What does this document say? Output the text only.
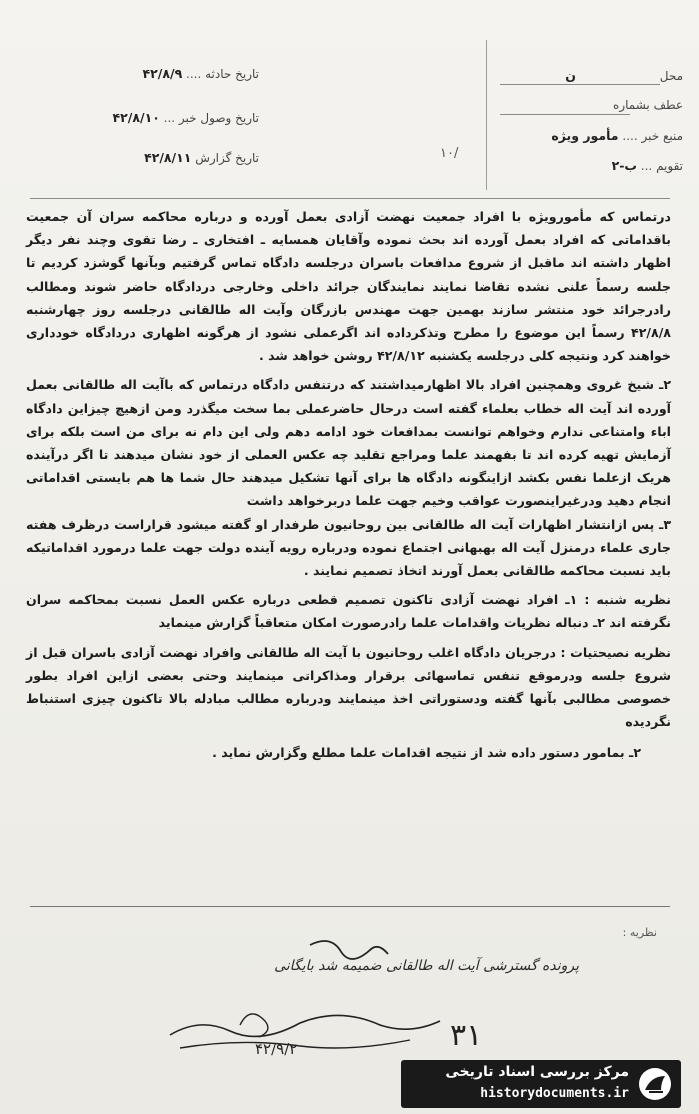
تاریخ حادثه .... ۴۲/۸/۹
تاریخ وصول خبر ... ۴۲/۸/۱۰
تاریخ گزارش ۴۲/۸/۱۱	۱۰/
محل ن
عطف بشماره
منبع خبر .... مأمور ویژه
تقویم ... ب-۲

درتماس که مأمورویژه با افراد جمعیت نهضت آزادی بعمل آورده و درباره محاکمه سران آن جمعیت باقداماتی که افراد بعمل آورده اند بحث نموده وآقایان همسایه ـ افتخاری ـ رضا تقوی وچند نفر دیگر اظهار داشته اند ماقبل از شروع مدافعات باسران درجلسه دادگاه تماس گرفتیم وبآنها گوشزد کردیم تا جلسه رسماً علنی نشده تقاضا نمایند نمایندگان جرائد داخلی وخارجی دردادگاه حاضر شوند ومطالب رادرجرائد خود منتشر سازند بهمین جهت مهندس بازرگان وآیت اله طالقانی درجلسه روز چهارشنبه ۴۲/۸/۸ رسماً این موضوع را مطرح وتذکرداده اند اگرعملی نشود از هرگونه اظهاری دردادگاه خودداری خواهند کرد ونتیجه کلی درجلسه یکشنبه ۴۲/۸/۱۲ روشن خواهد شد .

۲ـ شیخ غروی وهمچنین افراد بالا اظهارمیداشتند که درتنفس دادگاه درتماس که باآیت اله طالقانی بعمل آورده اند آیت اله خطاب بعلماء گفته است درحال حاضرعملی بما سخت میگذرد ومن ازهیچ چیزاین دادگاه اباء وامتناعی ندارم وخواهم توانست بمدافعات خود ادامه دهم ولی این دام نه برای من است بلکه برای آزمایش تهیه کرده اند تا بفهمند علما ومراجع تقلید چه عکس العملی از خود نشان میدهند تا اگر درآینده هریک ازعلما نفس بکشد ازاینگونه دادگاه ها برای آنها تشکیل میدهند حال شما ها هم بایستی اقداماتی انجام دهید ودرغیراینصورت عواقب وخیم جهت علما دربرخواهد داشت

۳ـ پس ازانتشار اظهارات آیت اله طالقانی بین روحانیون طرفدار او گفته میشود قراراست درظرف هفته جاری علماء درمنزل آیت اله بهبهانی اجتماع نموده ودرباره رویه آینده دولت جهت علما درمورد اقداماتیکه باید نسبت محاکمه طالقانی بعمل آورند اتخاذ تصمیم نمایند .

نظریه شنبه : ۱ـ افراد نهضت آزادی تاکنون تصمیم قطعی درباره عکس العمل نسبت بمحاکمه سران نگرفته اند ۲ـ دنباله نظریات واقدامات علما رادرصورت امکان متعاقباً گزارش مینماید

نظریه نصیحتیات : درجریان دادگاه اغلب روحانیون با آیت اله طالقانی وافراد نهضت آزادی باسران قبل از شروع جلسه ودرموقع تنفس تماسهائی برقرار ومذاکراتی مینمایند وحتی بعضی ازاین افراد بطور خصوصی مطالبی بآنها گفته ودستوراتی اخذ مینمایند ودرباره مطالب مبادله بالا تاکنون چیزی استنباط نگردیده

۲ـ بمامور دستور داده شد از نتیجه اقدامات علما مطلع وگزارش نماید .

نظریه :
پرونده گسترشی آیت اله طالقانی ضمیمه شد بایگانی
۳۱
۴۲/۹/۲
مرکز بررسی اسناد تاریخی
historydocuments.ir
